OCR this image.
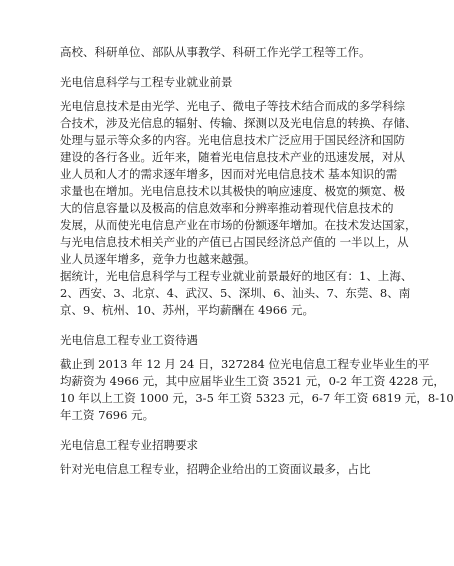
高校、科研单位、部队从事教学、科研工作光学工程等工作。
光电信息科学与工程专业就业前景
光电信息技术是由光学、光电子、微电子等技术结合而成的多学科综
合技术，涉及光信息的辐射、传输、探测以及光电信息的转换、存储、
处理与显示等众多的内容。光电信息技术广泛应用于国民经济和国防
建设的各行各业。近年来，随着光电信息技术产业的迅速发展，对从
业人员和人才的需求逐年增多，因而对光电信息技术 基本知识的需
求量也在增加。光电信息技术以其极快的响应速度、极宽的频宽、极
大的信息容量以及极高的信息效率和分辨率推动着现代信息技术的
发展，从而使光电信息产业在市场的份额逐年增加。在技术发达国家，
与光电信息技术相关产业的产值已占国民经济总产值的 一半以上，从
业人员逐年增多，竞争力也越来越强。
据统计，光电信息科学与工程专业就业前景最好的地区有：1、上海、
2、西安、3、北京、4、武汉、5、深圳、6、汕头、7、东莞、8、南
京、9、杭州、10、苏州，平均薪酬在 4966 元。
光电信息工程专业工资待遇
截止到 2013 年 12 月 24 日，327284 位光电信息工程专业毕业生的平
均薪资为 4966 元，其中应届毕业生工资 3521 元，0-2 年工资 4228 元，
10 年以上工资 1000 元，3-5 年工资 5323 元，6-7 年工资 6819 元，8-10
年工资 7696 元。
光电信息工程专业招聘要求
针对光电信息工程专业，招聘企业给出的工资面议最多，占比
